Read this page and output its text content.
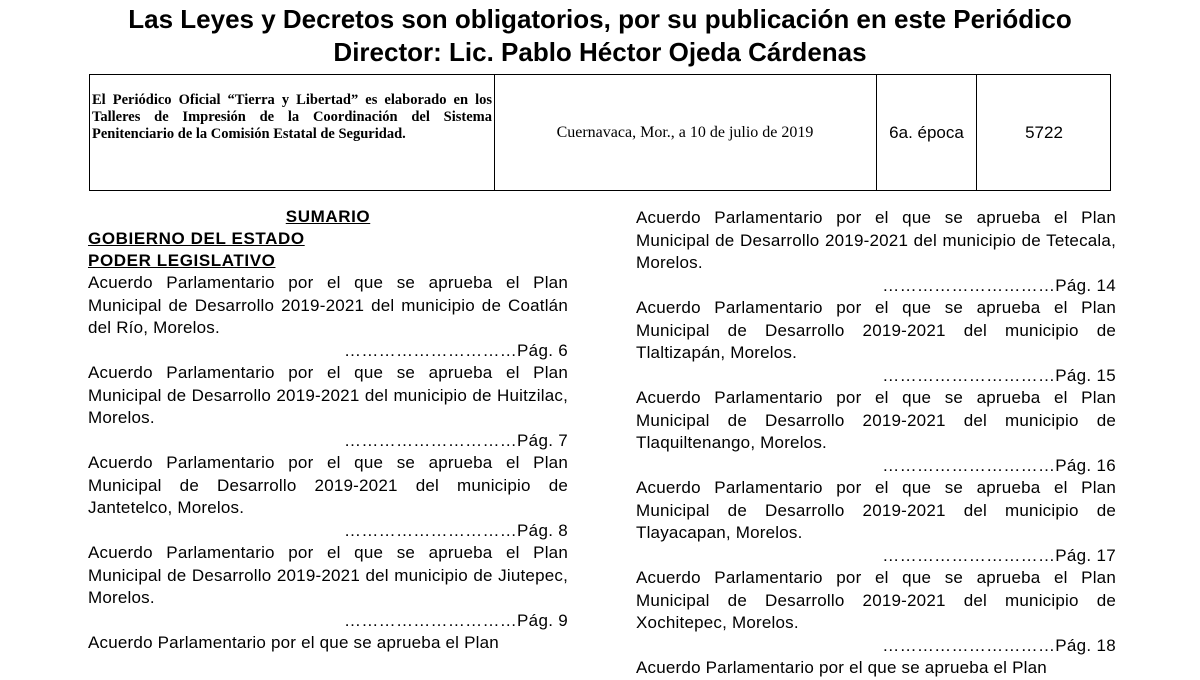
Las Leyes y Decretos son obligatorios, por su publicación en este Periódico
Director: Lic. Pablo Héctor Ojeda Cárdenas
El Periódico Oficial “Tierra y Libertad” es elaborado en los Talleres de Impresión de la Coordinación del Sistema Penitenciario de la Comisión Estatal de Seguridad.	Cuernavaca, Mor., a 10 de julio de 2019	6a. época	5722
SUMARIO
GOBIERNO DEL ESTADO
PODER LEGISLATIVO
Acuerdo Parlamentario por el que se aprueba el Plan Municipal de Desarrollo 2019-2021 del municipio de Coatlán del Río, Morelos.
…………………………Pág. 6
Acuerdo Parlamentario por el que se aprueba el Plan Municipal de Desarrollo 2019-2021 del municipio de Huitzilac, Morelos.
…………………………Pág. 7
Acuerdo Parlamentario por el que se aprueba el Plan Municipal de Desarrollo 2019-2021 del municipio de Jantetelco, Morelos.
…………………………Pág. 8
Acuerdo Parlamentario por el que se aprueba el Plan Municipal de Desarrollo 2019-2021 del municipio de Jiutepec, Morelos.
…………………………Pág. 9
Acuerdo Parlamentario por el que se aprueba el Plan
Acuerdo Parlamentario por el que se aprueba el Plan Municipal de Desarrollo 2019-2021 del municipio de Tetecala, Morelos.
…………………………Pág. 14
Acuerdo Parlamentario por el que se aprueba el Plan Municipal de Desarrollo 2019-2021 del municipio de Tlaltizapán, Morelos.
…………………………Pág. 15
Acuerdo Parlamentario por el que se aprueba el Plan Municipal de Desarrollo 2019-2021 del municipio de Tlaquiltenango, Morelos.
…………………………Pág. 16
Acuerdo Parlamentario por el que se aprueba el Plan Municipal de Desarrollo 2019-2021 del municipio de Tlayacapan, Morelos.
…………………………Pág. 17
Acuerdo Parlamentario por el que se aprueba el Plan Municipal de Desarrollo 2019-2021 del municipio de Xochitepec, Morelos.
…………………………Pág. 18
Acuerdo Parlamentario por el que se aprueba el Plan
